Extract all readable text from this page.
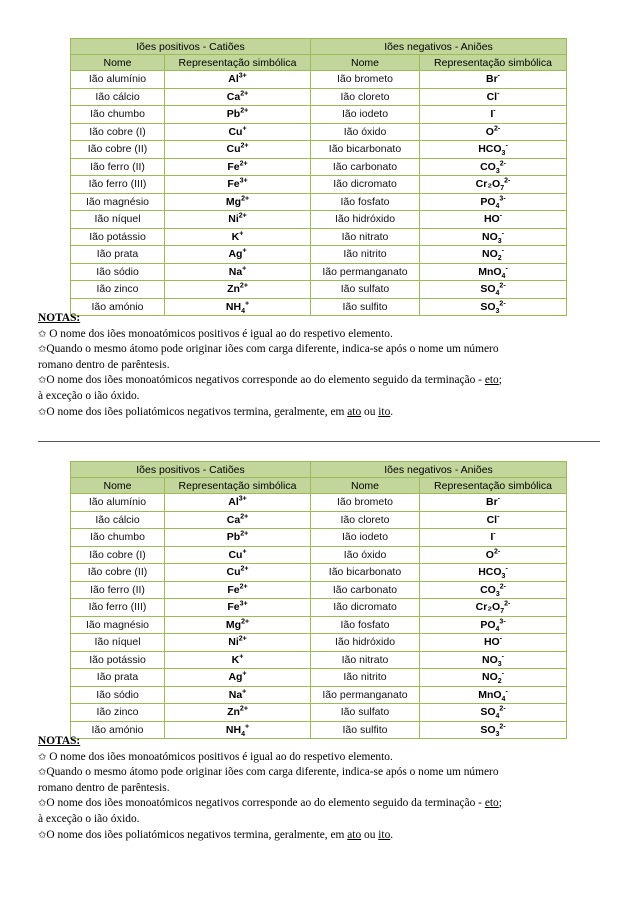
Iões positivos - Catiões		Iões negativos - Aniões	
Nome	Representação simbólica	Nome	Representação simbólica
Ião alumínio	$Al^{3+}$	Ião brometo	Br-
Ião cálcio	$Ca^{2+}$	Ião cloreto	Cl-
Ião chumbo	$Pb^{2+}$	Ião iodeto	I-
Ião cobre (I)	Cu+	Ião óxido	$O^{2-}$
Ião cobre (II)	$Cu^{2+}$	Ião bicarbonato	$HCO_3^-$
Ião ferro (II)	$Fe^{2+}$	Ião carbonato	$CO_3^{2-}$
Ião ferro (III)	$Fe^{3+}$	Ião dicromato	$Cr_2O_7^{2-}$
Ião magnésio	$Mg^{2+}$	Ião fosfato	$PO_4^{3-}$
Ião níquel	$Ni^{2+}$	Ião hidróxido	HO-
Ião potássio	K+	Ião nitrato	$NO_3^-$
Ião prata	Ag+	Ião nitrito	$NO_2^-$
Ião sódio	Na+	Ião permanganato	MnO$_4$-
Ião zinco	$Zn^{2+}$	Ião sulfato	$SO_4^{2-}$
Ião amónio	$NH_4^+$	Ião sulfito	$SO_3^{2-}$

NOTAS:

✩ O nome dos iões monoatómicos positivos é igual ao do respetivo elemento.

✩Quando o mesmo átomo pode originar iões com carga diferente, indica-se após o nome um número

romano dentro de parêntesis.

✩O nome dos iões monoatómicos negativos corresponde ao do elemento seguido da terminação - eto;

à exceção o ião óxido.

✩O nome dos iões poliatómicos negativos termina, geralmente, em ato ou ito.

Iões positivos - Catiões		Iões negativos - Aniões	
Nome	Representação simbólica	Nome	Representação simbólica
Ião alumínio	$Al^{3+}$	Ião brometo	Br-
Ião cálcio	$Ca^{2+}$	Ião cloreto	Cl-
Ião chumbo	$Pb^{2+}$	Ião iodeto	I-
Ião cobre (I)	Cu+	Ião óxido	$O^{2-}$
Ião cobre (II)	$Cu^{2+}$	Ião bicarbonato	$HCO_3^-$
Ião ferro (II)	$Fe^{2+}$	Ião carbonato	$CO_3^{2-}$
Ião ferro (III)	$Fe^{3+}$	Ião dicromato	$Cr_2O_7^{2-}$
Ião magnésio	$Mg^{2+}$	Ião fosfato	$PO_4^{3-}$
Ião níquel	$Ni^{2+}$	Ião hidróxido	HO-
Ião potássio	K+	Ião nitrato	$NO_3^-$
Ião prata	Ag+	Ião nitrito	$NO_2^-$
Ião sódio	Na+	Ião permanganato	MnO$_4$-
Ião zinco	$Zn^{2+}$	Ião sulfato	$SO_4^{2-}$
Ião amónio	$NH_4^+$	Ião sulfito	$SO_3^{2-}$

NOTAS:

✩ O nome dos iões monoatómicos positivos é igual ao do respetivo elemento.

✩Quando o mesmo átomo pode originar iões com carga diferente, indica-se após o nome um número

romano dentro de parêntesis.

✩O nome dos iões monoatómicos negativos corresponde ao do elemento seguido da terminação - eto;

à exceção o ião óxido.

✩O nome dos iões poliatómicos negativos termina, geralmente, em ato ou ito.
